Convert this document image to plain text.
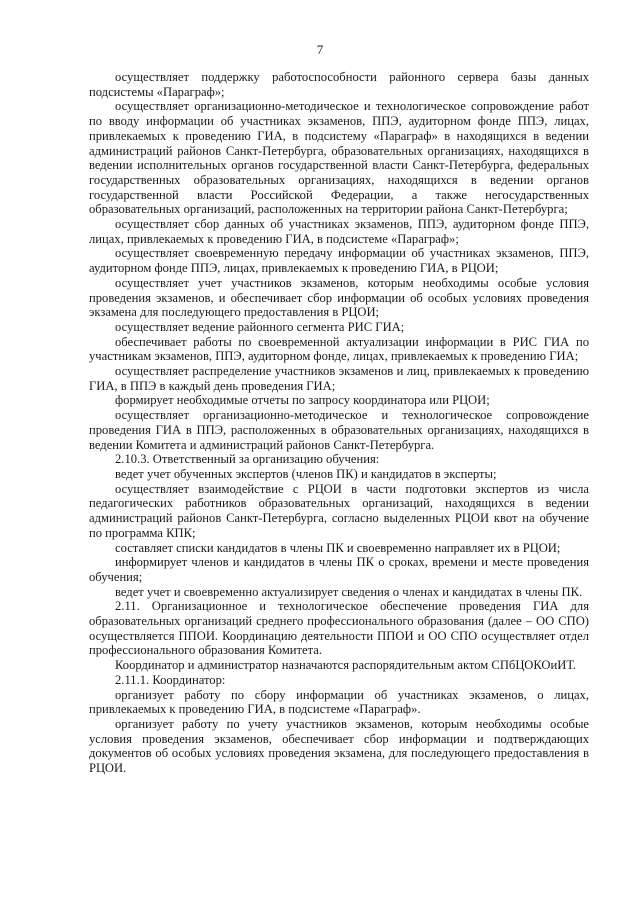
7

осуществляет поддержку работоспособности районного сервера базы данных подсистемы «Параграф»;

осуществляет организационно-методическое и технологическое сопровождение работ по вводу информации об участниках экзаменов, ППЭ, аудиторном фонде ППЭ, лицах, привлекаемых к проведению ГИА, в подсистему «Параграф» в находящихся в ведении администраций районов Санкт-Петербурга, образовательных организациях, находящихся в ведении исполнительных органов государственной власти Санкт-Петербурга, федеральных государственных образовательных организациях, находящихся в ведении органов государственной власти Российской Федерации, а также негосударственных образовательных организаций, расположенных на территории района Санкт-Петербурга;

осуществляет сбор данных об участниках экзаменов, ППЭ, аудиторном фонде ППЭ, лицах, привлекаемых к проведению ГИА, в подсистеме «Параграф»;

осуществляет своевременную передачу информации об участниках экзаменов, ППЭ, аудиторном фонде ППЭ, лицах, привлекаемых к проведению ГИА, в РЦОИ;

осуществляет учет участников экзаменов, которым необходимы особые условия проведения экзаменов, и обеспечивает сбор информации об особых условиях проведения экзамена для последующего предоставления в РЦОИ;

осуществляет ведение районного сегмента РИС ГИА;

обеспечивает работы по своевременной актуализации информации в РИС ГИА по участникам экзаменов, ППЭ, аудиторном фонде, лицах, привлекаемых к проведению ГИА;

осуществляет распределение участников экзаменов и лиц, привлекаемых к проведению ГИА, в ППЭ в каждый день проведения ГИА;

формирует необходимые отчеты по запросу координатора или РЦОИ;

осуществляет организационно-методическое и технологическое сопровождение проведения ГИА в ППЭ, расположенных в образовательных организациях, находящихся в ведении Комитета и администраций районов Санкт-Петербурга.

2.10.3. Ответственный за организацию обучения:

ведет учет обученных экспертов (членов ПК) и кандидатов в эксперты;

осуществляет взаимодействие с РЦОИ в части подготовки экспертов из числа педагогических работников образовательных организаций, находящихся в ведении администраций районов Санкт-Петербурга, согласно выделенных РЦОИ квот на обучение по программа КПК;

составляет списки кандидатов в члены ПК и своевременно направляет их в РЦОИ;

информирует членов и кандидатов в члены ПК о сроках, времени и месте проведения обучения;

ведет учет и своевременно актуализирует сведения о членах и кандидатах в члены ПК.

2.11. Организационное и технологическое обеспечение проведения ГИА для образовательных организаций среднего профессионального образования (далее – ОО СПО) осуществляется ППОИ. Координацию деятельности ППОИ и ОО СПО осуществляет отдел профессионального образования Комитета.

Координатор и администратор назначаются распорядительным актом СПбЦОКОиИТ.

2.11.1. Координатор:

организует работу по сбору информации об участниках экзаменов, о лицах, привлекаемых к проведению ГИА, в подсистеме «Параграф».

организует работу по учету участников экзаменов, которым необходимы особые условия проведения экзаменов, обеспечивает сбор информации и подтверждающих документов об особых условиях проведения экзамена, для последующего предоставления в РЦОИ.
